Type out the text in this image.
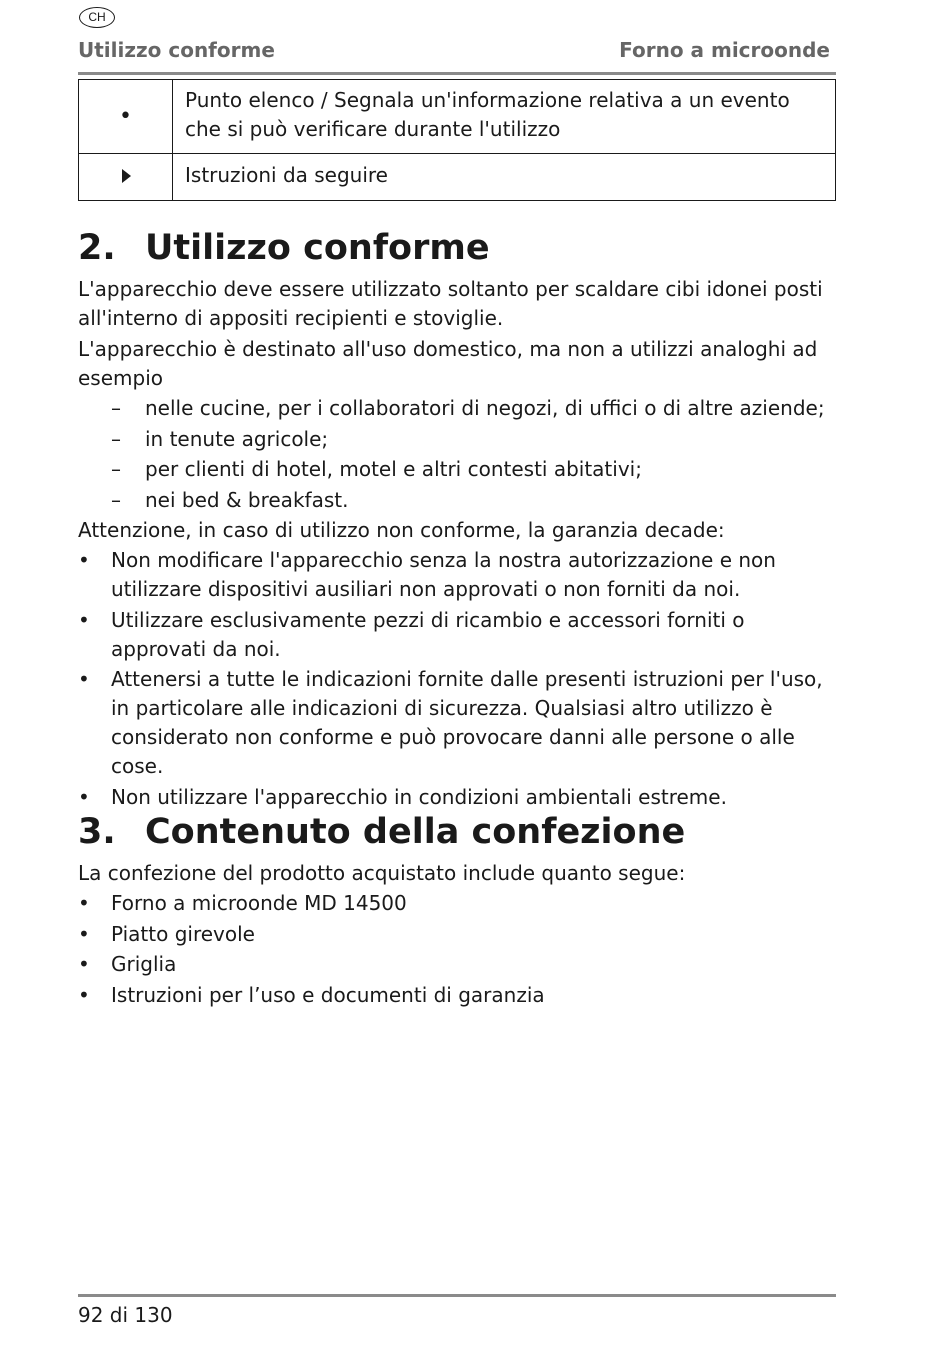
CH
Utilizzo conforme	Forno a microonde
•	Punto elenco / Segnala un'informazione relativa a un evento che si può verificare durante l'utilizzo
	Istruzioni da seguire
2. Utilizzo conforme

L'apparecchio deve essere utilizzato soltanto per scaldare cibi idonei posti all'interno di appositi recipienti e stoviglie.

L'apparecchio è destinato all'uso domestico, ma non a utilizzi analoghi ad esempio

– nelle cucine, per i collaboratori di negozi, di uffici o di altre aziende;
– in tenute agricole;
– per clienti di hotel, motel e altri contesti abitativi;
– nei bed & breakfast.

Attenzione, in caso di utilizzo non conforme, la garanzia decade:

• Non modificare l'apparecchio senza la nostra autorizzazione e non utilizzare dispositivi ausiliari non approvati o non forniti da noi.
• Utilizzare esclusivamente pezzi di ricambio e accessori forniti o approvati da noi.
• Attenersi a tutte le indicazioni fornite dalle presenti istruzioni per l'uso, in particolare alle indicazioni di sicurezza. Qualsiasi altro utilizzo è considerato non conforme e può provocare danni alle persone o alle cose.
• Non utilizzare l'apparecchio in condizioni ambientali estreme.
3. Contenuto della confezione

La confezione del prodotto acquistato include quanto segue:

• Forno a microonde MD 14500
• Piatto girevole
• Griglia
• Istruzioni per l’uso e documenti di garanzia
92 di 130
